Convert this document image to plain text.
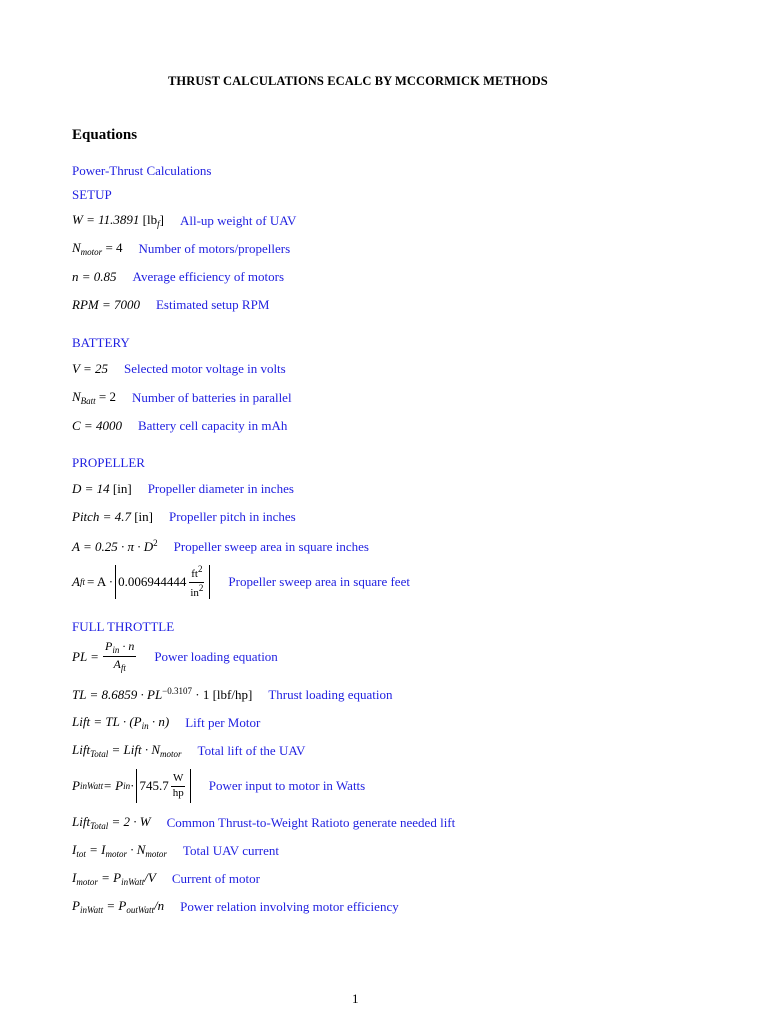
THRUST CALCULATIONS ECALC BY MCCORMICK METHODS
Equations
Power-Thrust Calculations
SETUP
W = 11.3891 $[lb_f]$ All-up weight of UAV
$N_{motor} = 4$ Number of motors/propellers
n = 0.85 Average efficiency of motors
RPM = 7000 Estimated setup RPM
BATTERY
V = 25 Selected motor voltage in volts
$N_{Batt} = 2$ Number of batteries in parallel
C = 4000 Battery cell capacity in mAh
PROPELLER
D = 14 [in] Propeller diameter in inches
Pitch = 4.7 [in] Propeller pitch in inches
$A = 0.25 \cdot \pi \cdot D^2$ Propeller sweep area in square inches
A ft = $A \cdot 0.006944444 \frac{ft^2}{in^2}$ Propeller sweep area in square feet
FULL THROTTLE
PL = $\frac{P_{in} \cdot n}{A_{ft}}$ Power loading equation
TL = $8.6859 \cdot PL^{-0.3107} \cdot 1$ [lbf/hp] Thrust loading equation
Lift = TL · $(P_{in} \cdot n)$ Lift per Motor
Lift$_{Total}$ = Lift · $N_{motor}$ Total lift of the UAV
P inWatt = P in · $745.7 \frac{W}{hp}$ Power input to motor in Watts
Lift$_{Total}$ = 2 · W Common Thrust-to-Weight Ratioto generate needed lift
$I_{tot} = I_{motor} \cdot N_{motor}$ Total UAV current
$I_{motor} = P_{inWatt}/V$ Current of motor
$P_{inWatt} = P_{outWatt}/n$ Power relation involving motor efficiency
1
